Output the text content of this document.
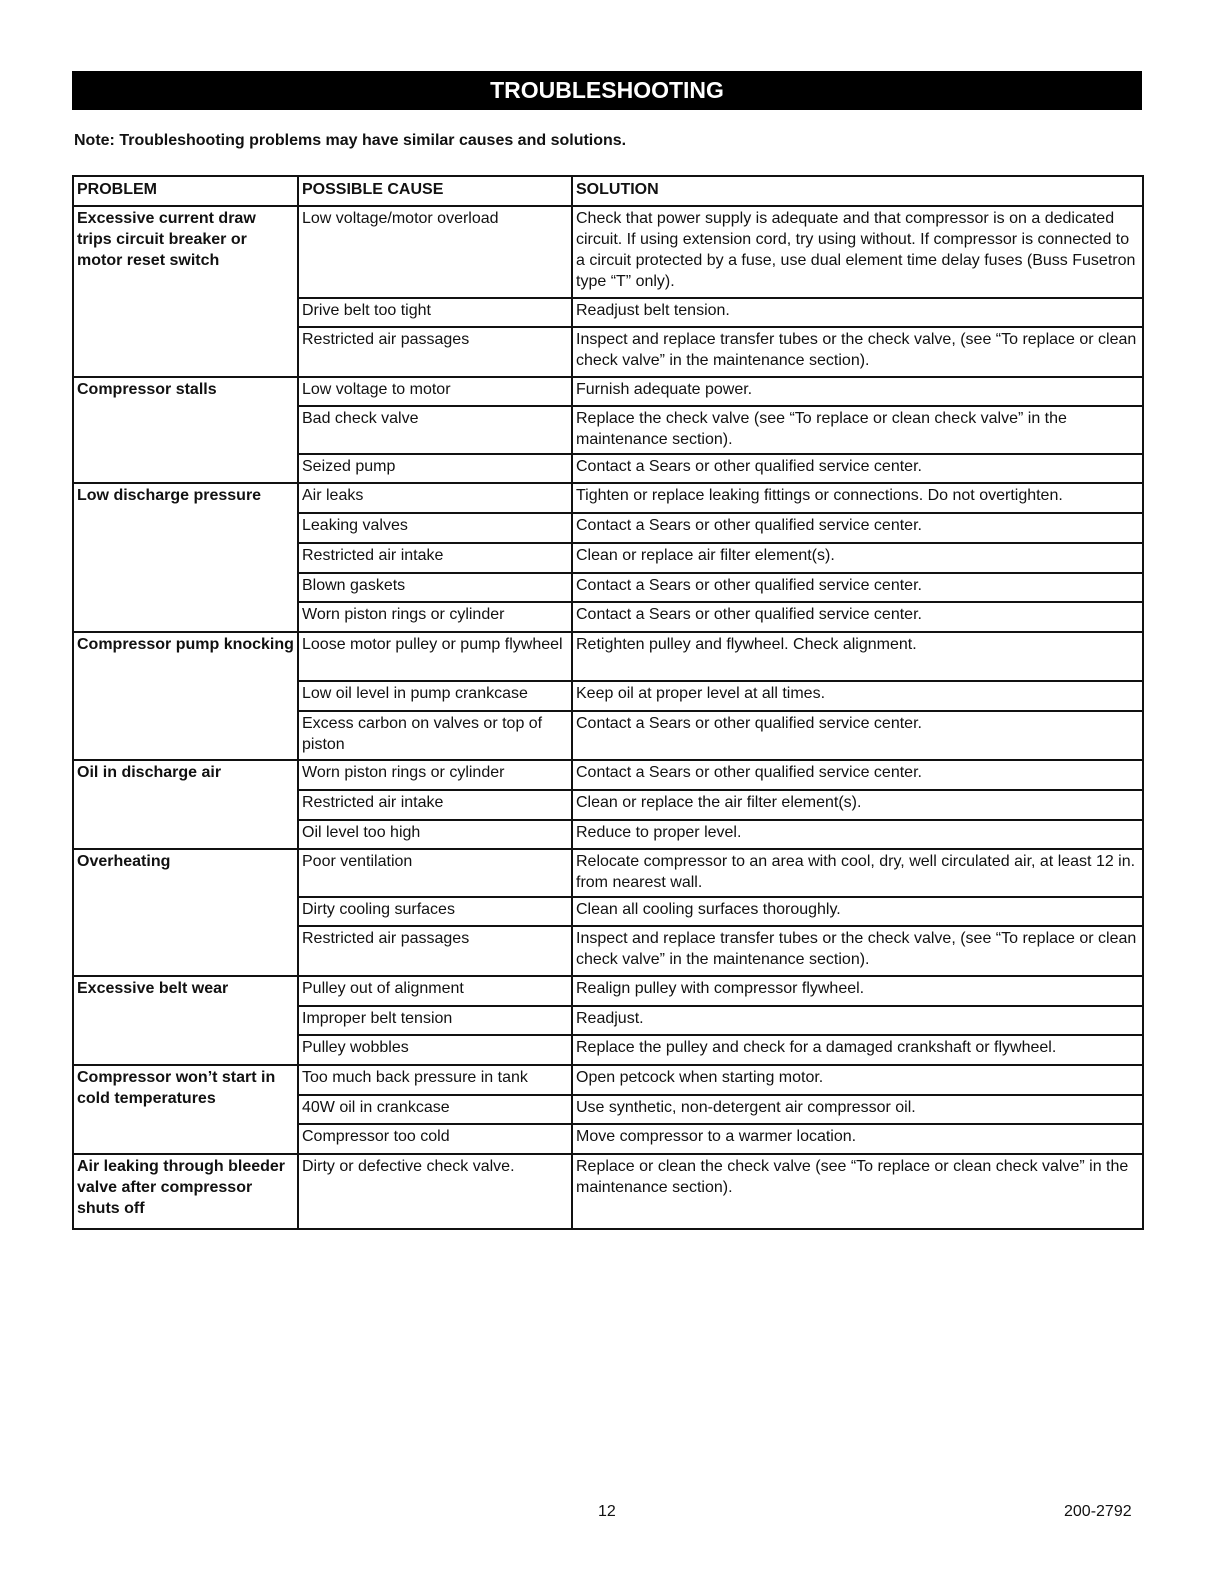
TROUBLESHOOTING
Note: Troubleshooting problems may have similar causes and solutions.
PROBLEM	POSSIBLE CAUSE	SOLUTION
Excessive current draw trips circuit breaker or motor reset switch	Low voltage/motor overload	Check that power supply is adequate and that compressor is on a dedicated circuit. If using extension cord, try using without. If compressor is connected to a circuit protected by a fuse, use dual element time delay fuses (Buss Fusetron type “T” only).
	Drive belt too tight	Readjust belt tension.
	Restricted air passages	Inspect and replace transfer tubes or the check valve, (see “To replace or clean check valve” in the maintenance section).
Compressor stalls	Low voltage to motor	Furnish adequate power.
	Bad check valve	Replace the check valve (see “To replace or clean check valve” in the maintenance section).
	Seized pump	Contact a Sears or other qualified service center.
Low discharge pressure	Air leaks	Tighten or replace leaking fittings or connections. Do not overtighten.
	Leaking valves	Contact a Sears or other qualified service center.
	Restricted air intake	Clean or replace air filter element(s).
	Blown gaskets	Contact a Sears or other qualified service center.
	Worn piston rings or cylinder	Contact a Sears or other qualified service center.
Compressor pump knocking	Loose motor pulley or pump flywheel	Retighten pulley and flywheel. Check alignment.
	Low oil level in pump crankcase	Keep oil at proper level at all times.
	Excess carbon on valves or top of piston	Contact a Sears or other qualified service center.
Oil in discharge air	Worn piston rings or cylinder	Contact a Sears or other qualified service center.
	Restricted air intake	Clean or replace the air filter element(s).
	Oil level too high	Reduce to proper level.
Overheating	Poor ventilation	Relocate compressor to an area with cool, dry, well circulated air, at least 12 in. from nearest wall.
	Dirty cooling surfaces	Clean all cooling surfaces thoroughly.
	Restricted air passages	Inspect and replace transfer tubes or the check valve, (see “To replace or clean check valve” in the maintenance section).
Excessive belt wear	Pulley out of alignment	Realign pulley with compressor flywheel.
	Improper belt tension	Readjust.
	Pulley wobbles	Replace the pulley and check for a damaged crankshaft or flywheel.
Compressor won’t start in cold temperatures	Too much back pressure in tank	Open petcock when starting motor.
	40W oil in crankcase	Use synthetic, non-detergent air compressor oil.
	Compressor too cold	Move compressor to a warmer location.
Air leaking through bleeder valve after compressor shuts off	Dirty or defective check valve.	Replace or clean the check valve (see “To replace or clean check valve” in the maintenance section).
12	200-2792
